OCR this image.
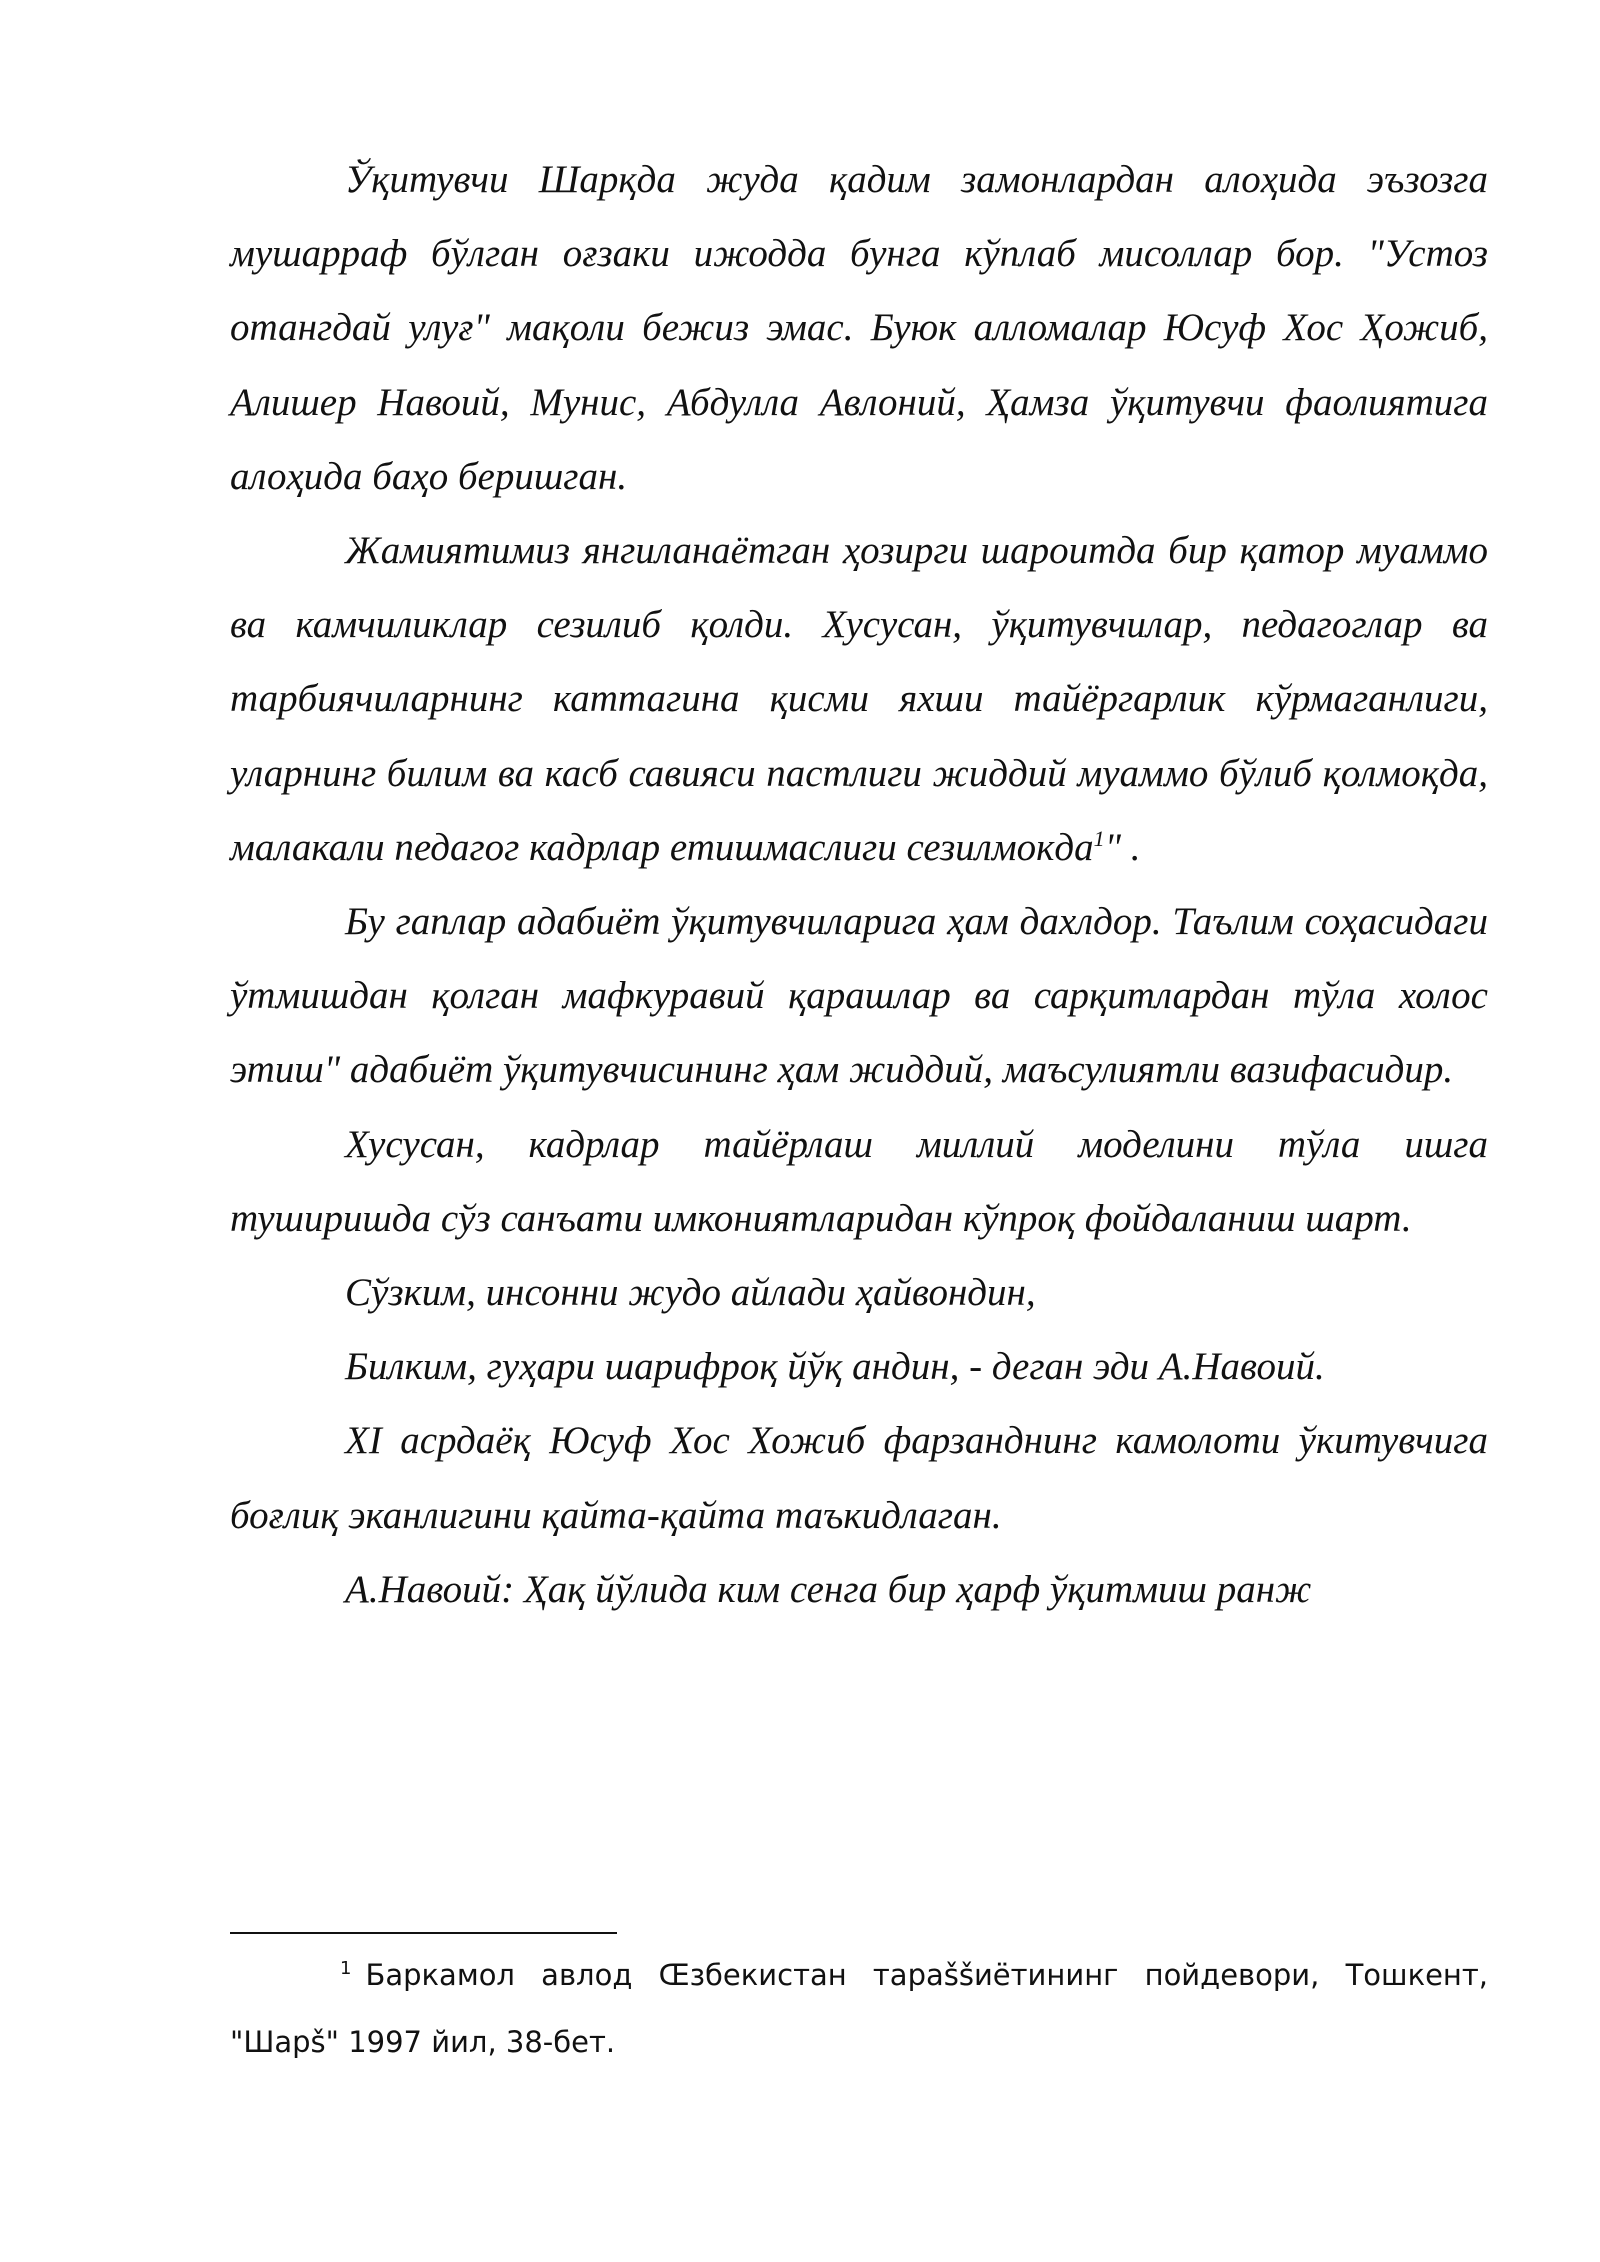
Ўқитувчи Шарқда жуда қадим замонлардан алоҳида эъзозга мушарраф бўлган оғзаки ижодда бунга кўплаб мисоллар бор. "Устоз отангдай улуғ" мақоли бежиз эмас. Буюк алломалар Юсуф Хос Ҳожиб, Алишер Навоий, Мунис, Абдулла Авлоний, Ҳамза ўқитувчи фаолиятига алоҳида баҳо беришган.

Жамиятимиз янгиланаётган ҳозирги шароитда бир қатор муаммо ва камчиликлар сезилиб қолди. Хусусан, ўқитувчилар, педагоглар ва тарбиячиларнинг каттагина қисми яхши тайёргарлик кўрмаганлиги, уларнинг билим ва касб савияси пастлиги жиддий муаммо бўлиб қолмоқда, малакали педагог кадрлар етишмаслиги сезилмокда$^1$" .

Бу гаплар адабиёт ўқитувчиларига ҳам дахлдор. Таълим соҳасидаги ўтмишдан қолган мафкуравий қарашлар ва сарқитлардан тўла холос этиш" адабиёт ўқитувчисининг ҳам жиддий, маъсулиятли вазифасидир.

Хусусан, кадрлар тайёрлаш миллий моделини тўла ишга туширишда сўз санъати имкониятларидан кўпроқ фойдаланиш шарт.

Сўзким, инсонни жудо айлади ҳайвондин,

Билким, гуҳари шарифроқ йўқ андин, - деган эди А.Навоий.

XI асрдаёқ Юсуф Хос Хожиб фарзанднинг камолоти ўкитувчига боғлиқ эканлигини қайта-қайта таъкидлаган.

А.Навоий: Ҳақ йўлида ким сенга бир ҳарф ўқитмиш ранж

$^1$ Баркамол авлод Œзбекистан тараššиётининг пойдевори, Тошкент, "Шарš" 1997 йил, 38-бет.
